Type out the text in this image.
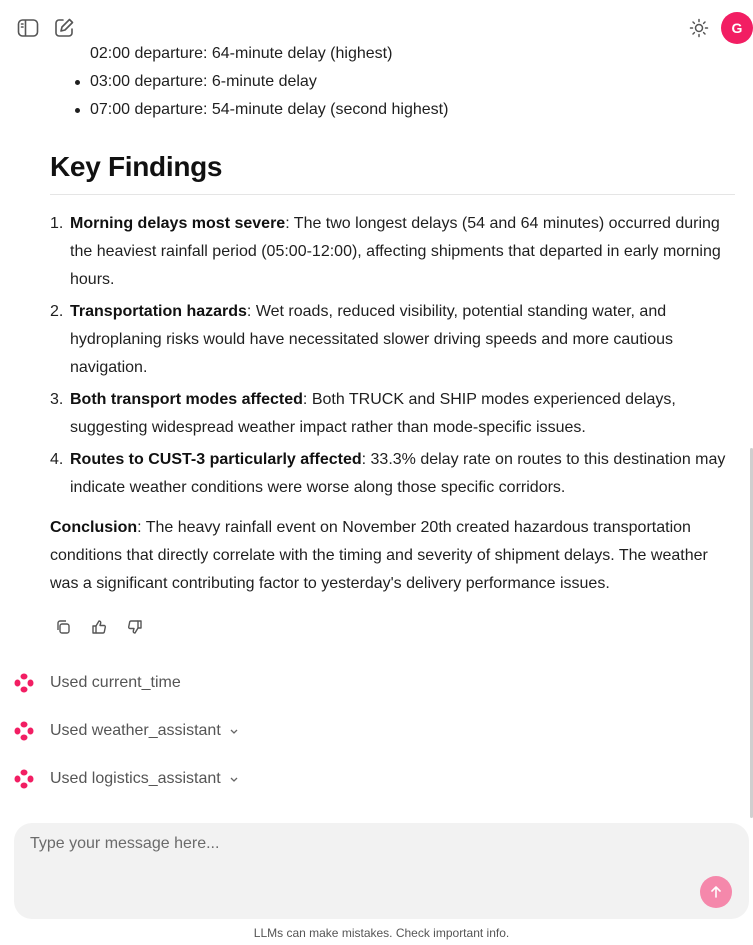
02:00 departure: 64-minute delay (highest)
03:00 departure: 6-minute delay
07:00 departure: 54-minute delay (second highest)
Key Findings
1. Morning delays most severe: The two longest delays (54 and 64 minutes) occurred during the heaviest rainfall period (05:00-12:00), affecting shipments that departed in early morning hours.
2. Transportation hazards: Wet roads, reduced visibility, potential standing water, and hydroplaning risks would have necessitated slower driving speeds and more cautious navigation.
3. Both transport modes affected: Both TRUCK and SHIP modes experienced delays, suggesting widespread weather impact rather than mode-specific issues.
4. Routes to CUST-3 particularly affected: 33.3% delay rate on routes to this destination may indicate weather conditions were worse along those specific corridors.

Conclusion: The heavy rainfall event on November 20th created hazardous transportation conditions that directly correlate with the timing and severity of shipment delays. The weather was a significant contributing factor to yesterday's delivery performance issues.

Used current_time
Used weather_assistant
Used logistics_assistant
G
Type your message here...
LLMs can make mistakes. Check important info.
